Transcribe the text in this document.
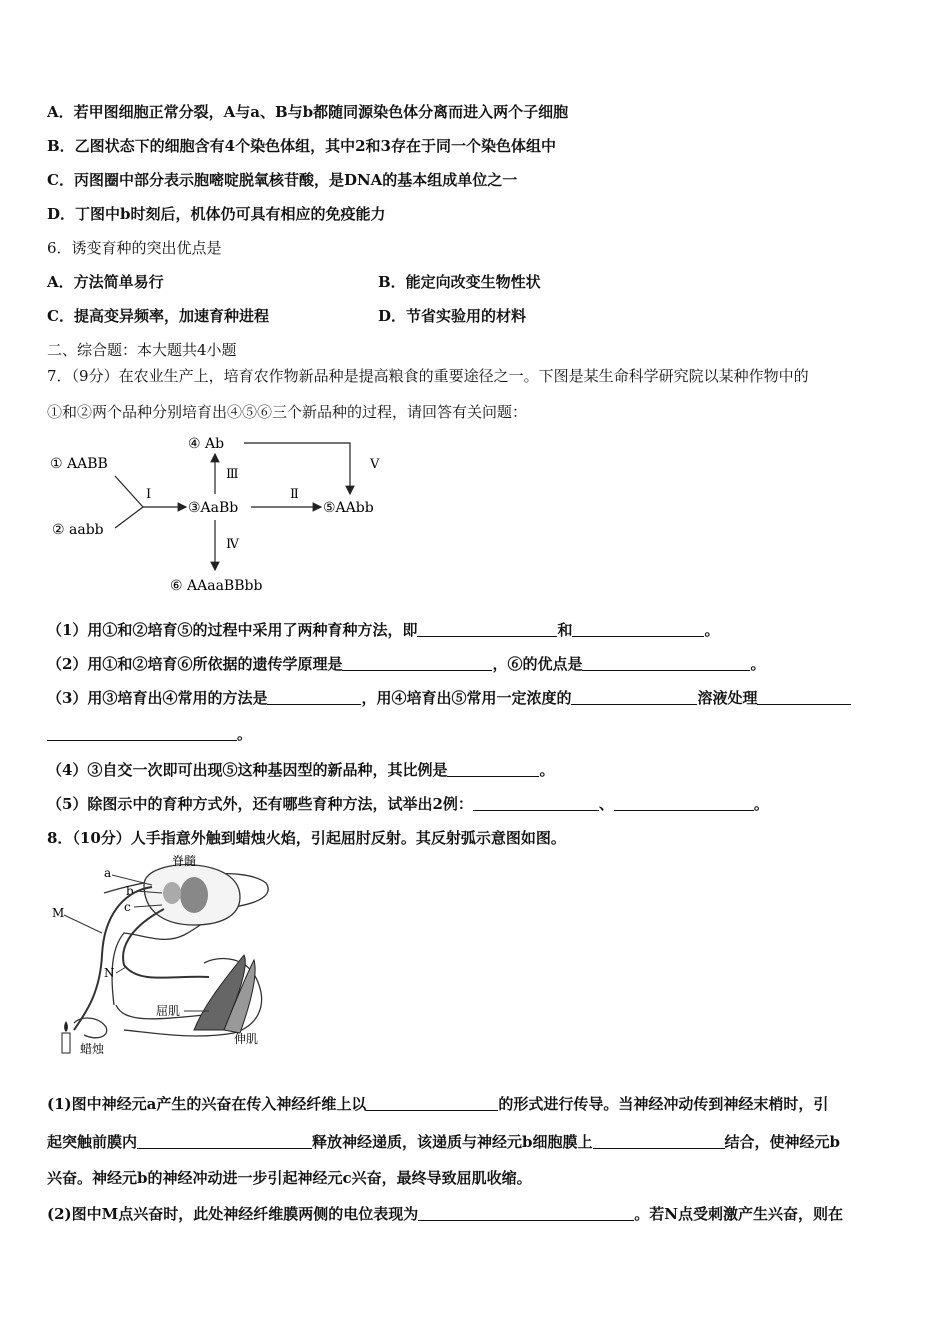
A．若甲图细胞正常分裂，A与a、B与b都随同源染色体分离而进入两个子细胞
B．乙图状态下的细胞含有4个染色体组，其中2和3存在于同一个染色体组中
C．丙图圈中部分表示胞嘧啶脱氧核苷酸，是DNA的基本组成单位之一
D．丁图中b时刻后，机体仍可具有相应的免疫能力
6．诱变育种的突出优点是
A．方法简单易行	B．能定向改变生物性状
C．提高变异频率，加速育种进程	D．节省实验用的材料
二、综合题：本大题共4小题
7．（9分）在农业生产上，培育农作物新品种是提高粮食的重要途径之一。下图是某生命科学研究院以某种作物中的
①和②两个品种分别培育出④⑤⑥三个新品种的过程，请回答有关问题：
① AABB
② aabb
Ⅰ
③AaBb
Ⅱ
⑤AAbb
④ Ab
Ⅲ
Ⅴ
Ⅳ
⑥ AAaaBBbb
（1）用①和②培育⑤的过程中采用了两种育种方法，即	和	。
（2）用①和②培育⑥所依据的遗传学原理是	，⑥的优点是	。
（3）用③培育出④常用的方法是	，用④培育出⑤常用一定浓度的	溶液处理
。
（4）③自交一次即可出现⑤这种基因型的新品种，其比例是	。
（5）除图示中的育种方式外，还有哪些育种方法，试举出2例：	、	。
8．（10分）人手指意外触到蜡烛火焰，引起屈肘反射。其反射弧示意图如图。
脊髓
a
b
c
M
N
屈肌
伸肌
蜡烛
(1)图中神经元a产生的兴奋在传入神经纤维上以	的形式进行传导。当神经冲动传到神经末梢时，引
起突触前膜内	释放神经递质，该递质与神经元b细胞膜上	结合，使神经元b
兴奋。神经元b的神经冲动进一步引起神经元c兴奋，最终导致屈肌收缩。
(2)图中M点兴奋时，此处神经纤维膜两侧的电位表现为	。若N点受刺激产生兴奋，则在
